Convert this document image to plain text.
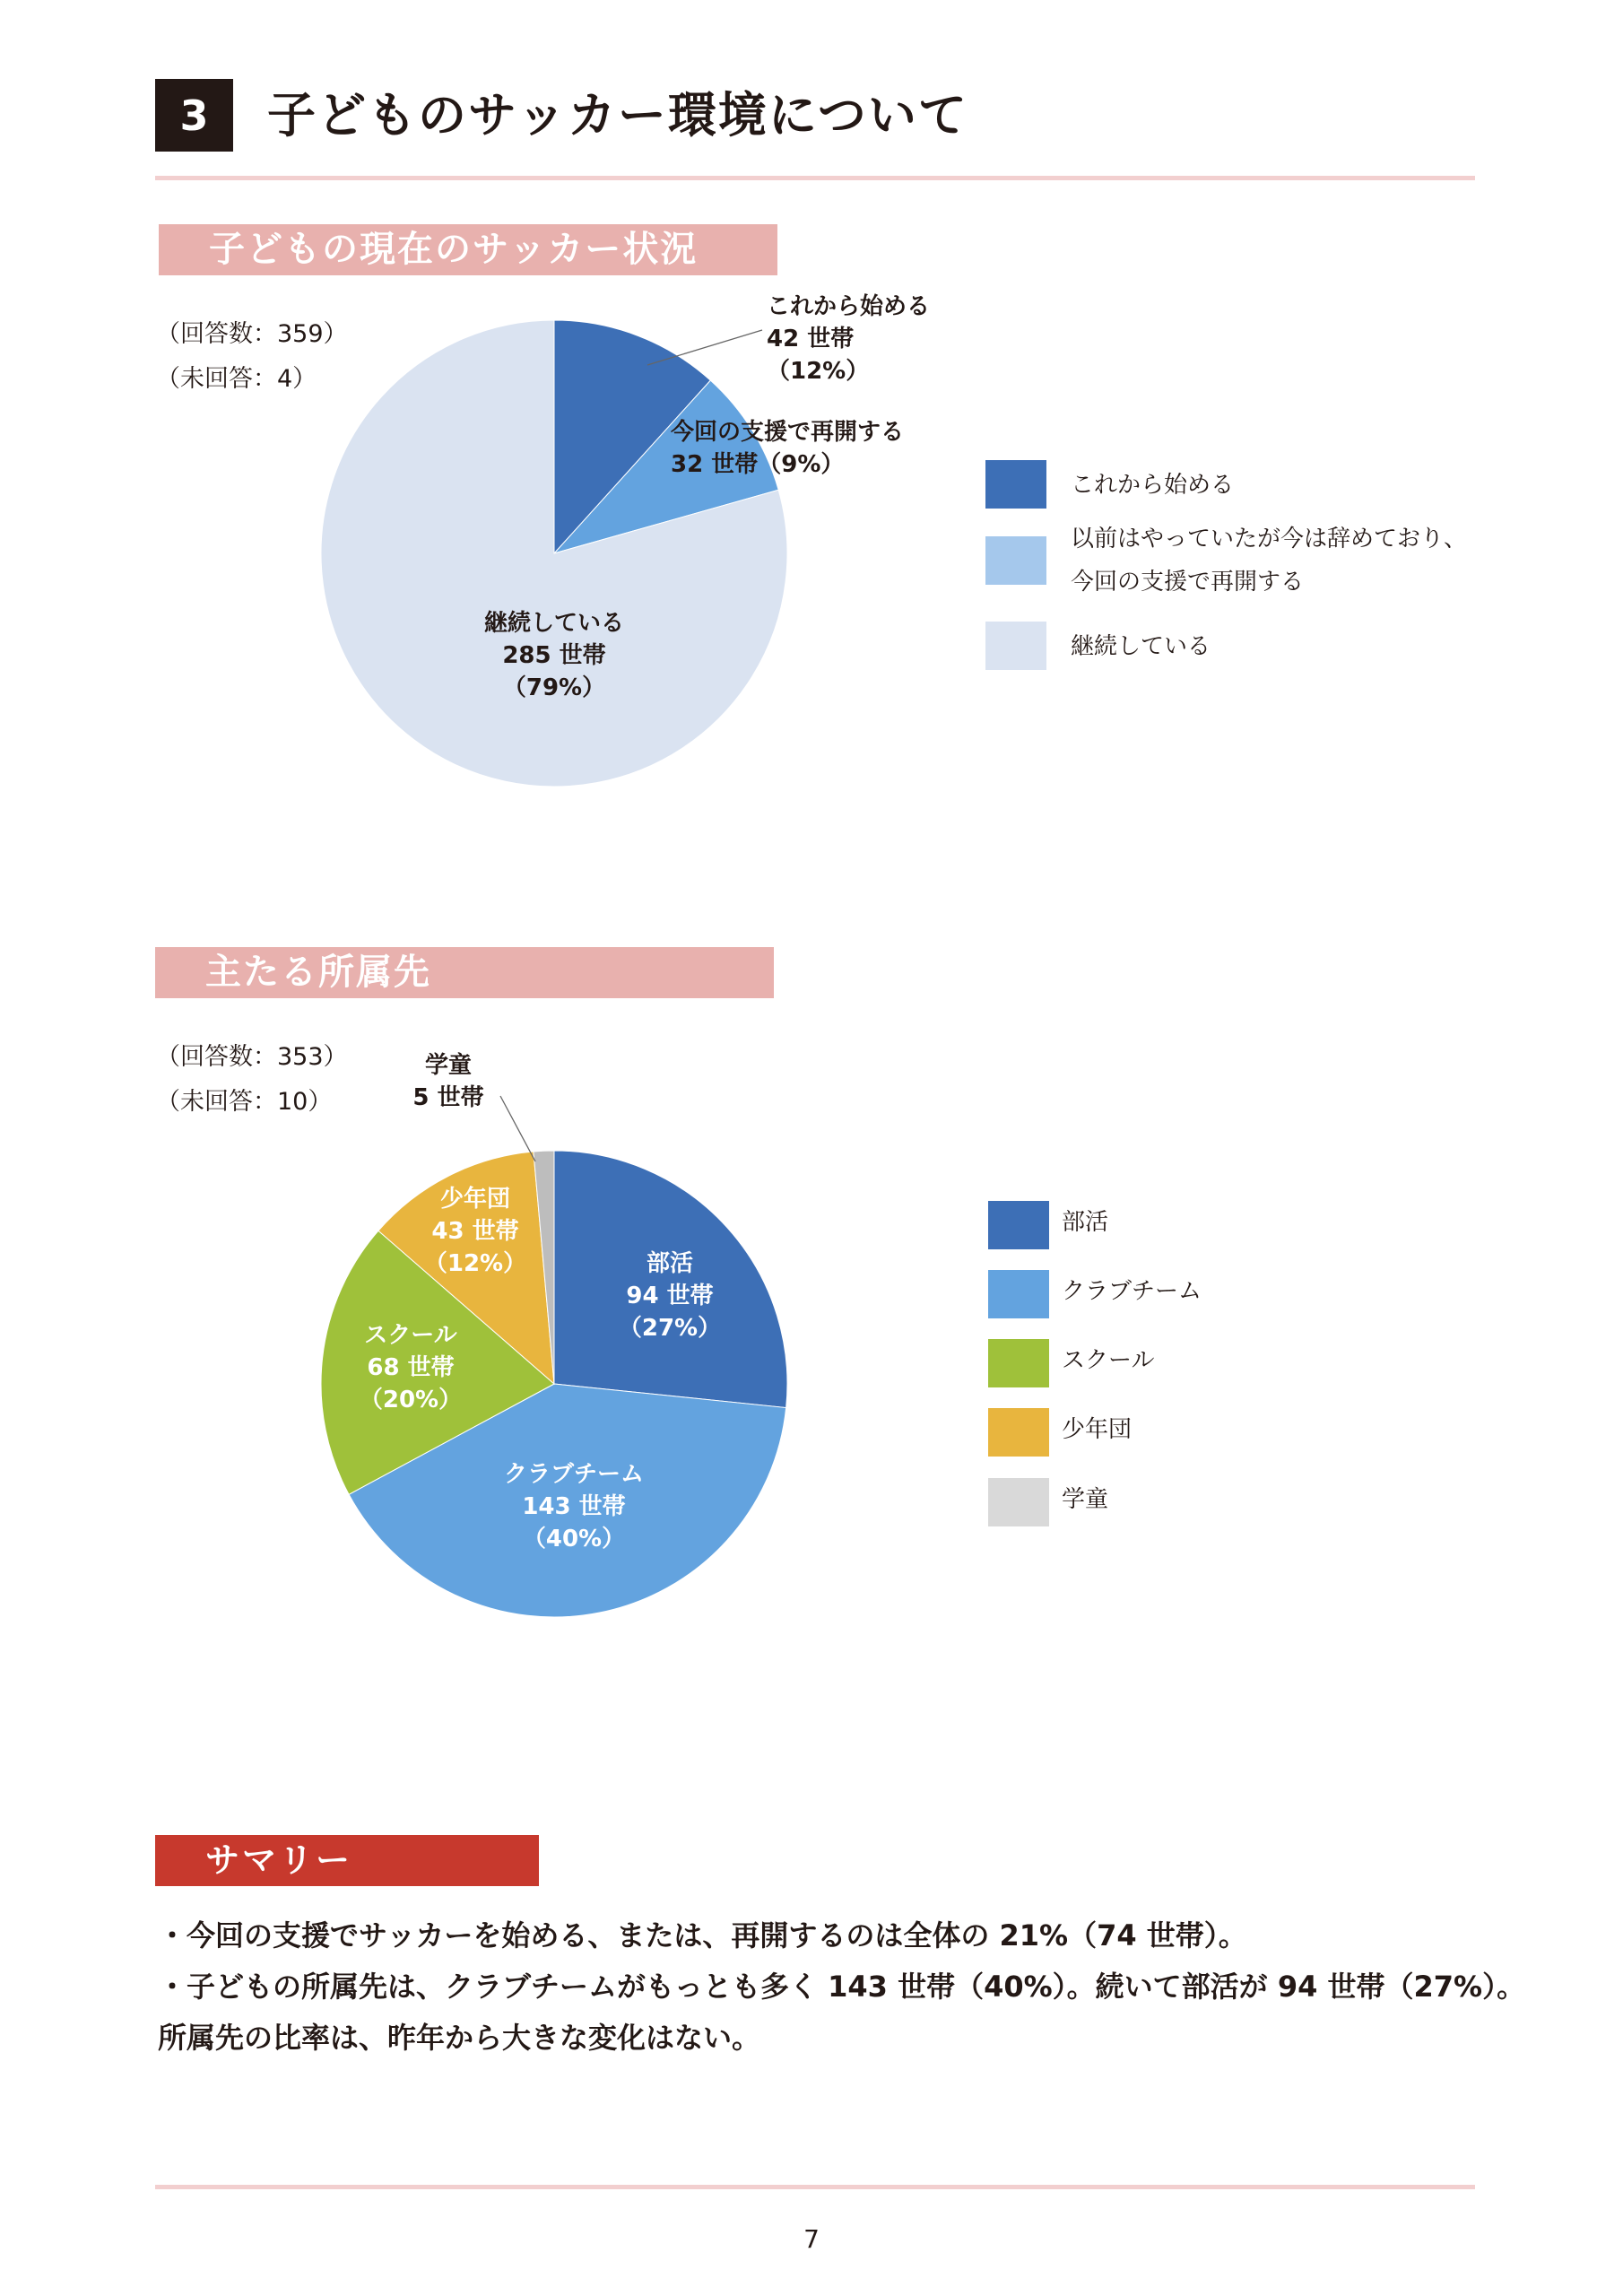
3	子どものサッカー環境について
子どもの現在のサッカー状況
（回答数：359）
（未回答：4）
これから始める
以前はやっていたが今は辞めており、
今回の支援で再開する
継続している
主たる所属先
（回答数：353）
（未回答：10）
部活
クラブチーム
スクール
少年団
学童
これから始める 42 世帯（12%）
今回の支援で再開する 32 世帯（9%）
継続している 285 世帯（79%）
部活 94 世帯（27%）
クラブチーム 143 世帯（40%）
スクール 68 世帯（20%）
少年団 43 世帯（12%）
学童 5 世帯
サマリー
・今回の支援でサッカーを始める、または、再開するのは全体の 21%（74 世帯）。
・子どもの所属先は、クラブチームがもっとも多く 143 世帯（40%）。続いて部活が 94 世帯（27%）。
所属先の比率は、昨年から大きな変化はない。
7
